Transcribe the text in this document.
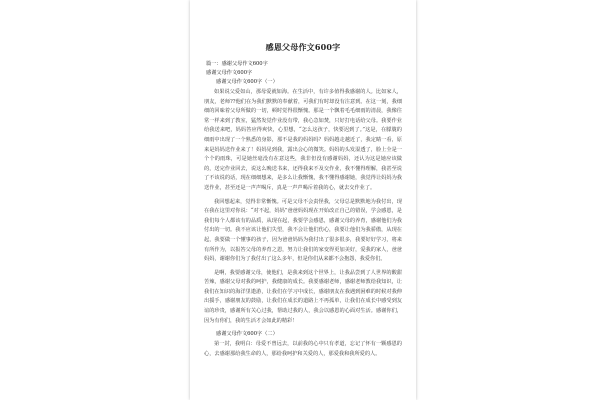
感恩父母作文600字
篇一：感谢父母作文600字
感谢父母作文600字
感谢父母作文600字（一）

如果说父爱如山，那母爱就如海。在生活中，有许多值得我感谢的人。比如家人，朋友，老师??他们在为我们默默的奉献着，可我们有时却没有注意到。在这一刻，我细细的回味着父母所做的一切，顿时觉得很惭愧。那是一个飘着毛毛细雨的清晨，我像往常一样来到了教室，猛然发觉作业没有带，我心急如焚，只好打电话给父母。我要作业给我送来吧，妈妈答应得爽快，心里想，“怎么这孩子，快要迟到了。”这是，在朦胧的细雨中出现了一个熟悉的身影，那不是我的妈妈吗？妈妈越走越近了，我定睛一看，原来是妈妈送作业来了！妈妈见到我，露出会心的微笑。妈妈的头发湿透了，脸上全是一个个的雨珠，可是她丝毫没有在意这些，我非但没有感谢妈妈，还认为这是她应该做的，送完作业回去，说这么晚送书来，还得我来不及交作业，我不懂得理解，我甚至说了不该说的话，现在细细想来，是多么让我惭愧，我不懂得感谢她，我觉得让妈妈为我送作业，甚至还是一声声喝斥，真是一声声喝斥着我的心，就去交作业了。

我回想起来，觉得非常惭愧。可是父母不会责怪我，父母总是默默地为我付出，现在我在这里对你说：“对不起，妈妈”爸爸妈妈现在开始改正自己的错误，学会感恩，是我们每个人都该有的品质，从现在起，我要学会感恩，感谢父母的养育，感谢他们为我付出的一切。我不应该让他们失望，我不会让他们伤心，我要让他们为我骄傲，从现在起，我要做一个懂事的孩子，因为爸爸妈妈为我付出了很多很多，我要好好学习，将来有所作为，以报答父母的养育之恩，努力让我们的家变得更加美好，爱我的家人，爸爸妈妈，谢谢你们为了我付出了这么多年，但是你们从来都不会抱怨，我爱你们。

是啊，我要感谢父母，使他们，是我来到这个世界上，让我品尝到了人世界的酸甜苦辣，感谢父母对我的呵护，我健康的成长。我要感谢老师，感谢老师教给我知识，让我们在知识的海洋里遨游，让我们在学习中成长，感谢朋友在我遇到困难的时候对我伸出援手，感谢朋友的鼓励，让我们在成长的道路上不再孤单，让我们在成长中感受到友谊的珍贵，感谢所有关心过我，帮助过我的人，我会以感恩的心面对生活。感谢你们，因为有你们，我的生活才会如此的精彩！

感谢父母作文600字（二）

第一封，我明白：母爱不曾远去，以前我的心中只有孝道，忘记了怀有一颗感恩的心，去感谢那给我生命的人，那给我呵护和关爱的人，那爱我和我所爱的人。
